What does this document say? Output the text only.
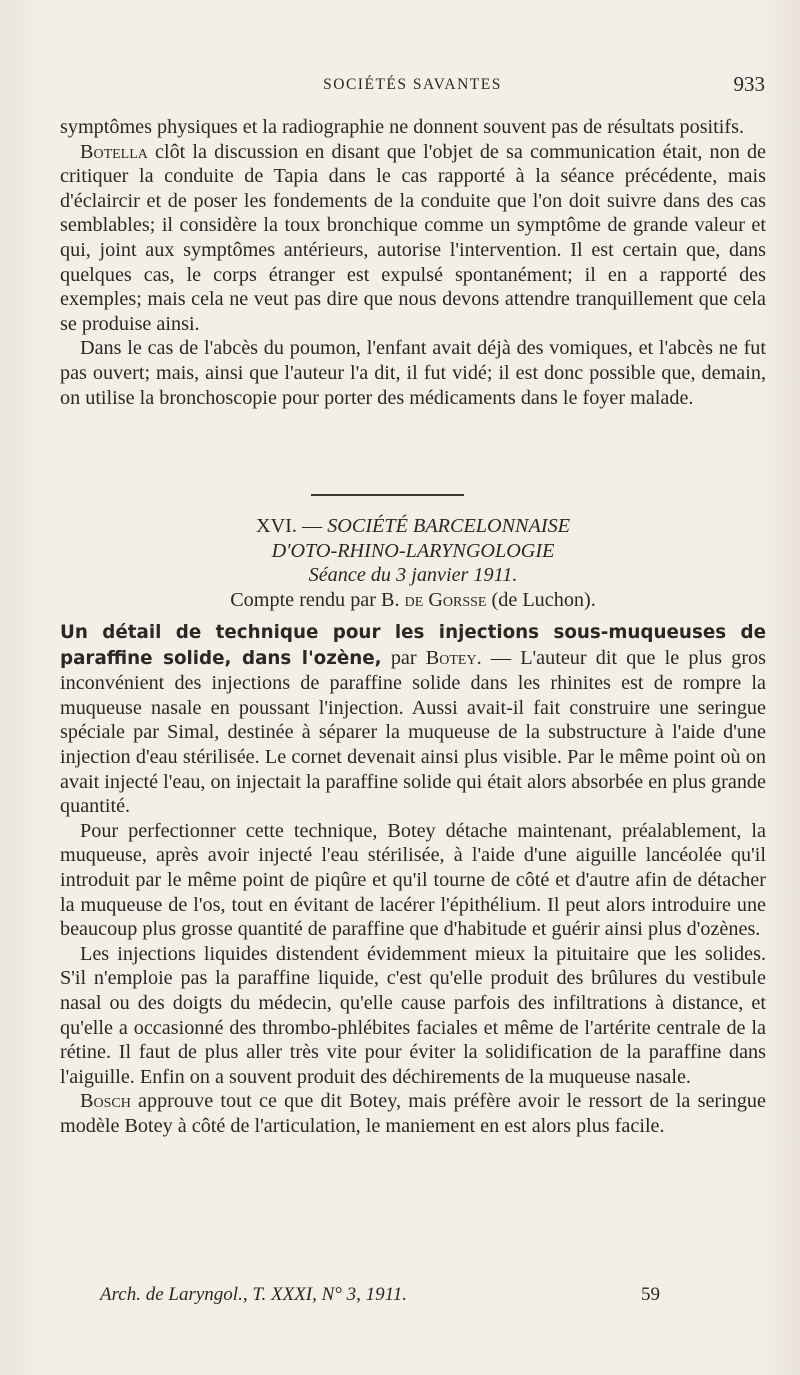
SOCIÉTÉS SAVANTES	933

symptômes physiques et la radiographie ne donnent souvent pas de résultats positifs.

Botella clôt la discussion en disant que l'objet de sa communication était, non de critiquer la conduite de Tapia dans le cas rapporté à la séance précédente, mais d'éclaircir et de poser les fondements de la conduite que l'on doit suivre dans des cas semblables; il considère la toux bronchique comme un symptôme de grande valeur et qui, joint aux symptômes antérieurs, autorise l'intervention. Il est certain que, dans quelques cas, le corps étranger est expulsé spontanément; il en a rapporté des exemples; mais cela ne veut pas dire que nous devons attendre tranquillement que cela se produise ainsi.

Dans le cas de l'abcès du poumon, l'enfant avait déjà des vomiques, et l'abcès ne fut pas ouvert; mais, ainsi que l'auteur l'a dit, il fut vidé; il est donc possible que, demain, on utilise la bronchoscopie pour porter des médicaments dans le foyer malade.

XVI. — SOCIÉTÉ BARCELONNAISE
D'OTO-RHINO-LARYNGOLOGIE
Séance du 3 janvier 1911.
Compte rendu par B. de Gorsse (de Luchon).

Un détail de technique pour les injections sous-muqueuses de paraffine solide, dans l'ozène, par Botey. — L'auteur dit que le plus gros inconvénient des injections de paraffine solide dans les rhinites est de rompre la muqueuse nasale en poussant l'injection. Aussi avait-il fait construire une seringue spéciale par Simal, destinée à séparer la muqueuse de la substructure à l'aide d'une injection d'eau stérilisée. Le cornet devenait ainsi plus visible. Par le même point où on avait injecté l'eau, on injectait la paraffine solide qui était alors absorbée en plus grande quantité.

Pour perfectionner cette technique, Botey détache maintenant, préalablement, la muqueuse, après avoir injecté l'eau stérilisée, à l'aide d'une aiguille lancéolée qu'il introduit par le même point de piqûre et qu'il tourne de côté et d'autre afin de détacher la muqueuse de l'os, tout en évitant de lacérer l'épithélium. Il peut alors introduire une beaucoup plus grosse quantité de paraffine que d'habitude et guérir ainsi plus d'ozènes.

Les injections liquides distendent évidemment mieux la pituitaire que les solides. S'il n'emploie pas la paraffine liquide, c'est qu'elle produit des brûlures du vestibule nasal ou des doigts du médecin, qu'elle cause parfois des infiltrations à distance, et qu'elle a occasionné des thrombo-phlébites faciales et même de l'artérite centrale de la rétine. Il faut de plus aller très vite pour éviter la solidification de la paraffine dans l'aiguille. Enfin on a souvent produit des déchirements de la muqueuse nasale.

Bosch approuve tout ce que dit Botey, mais préfère avoir le ressort de la seringue modèle Botey à côté de l'articulation, le maniement en est alors plus facile.

Arch. de Laryngol., T. XXXI, N° 3, 1911.	59
